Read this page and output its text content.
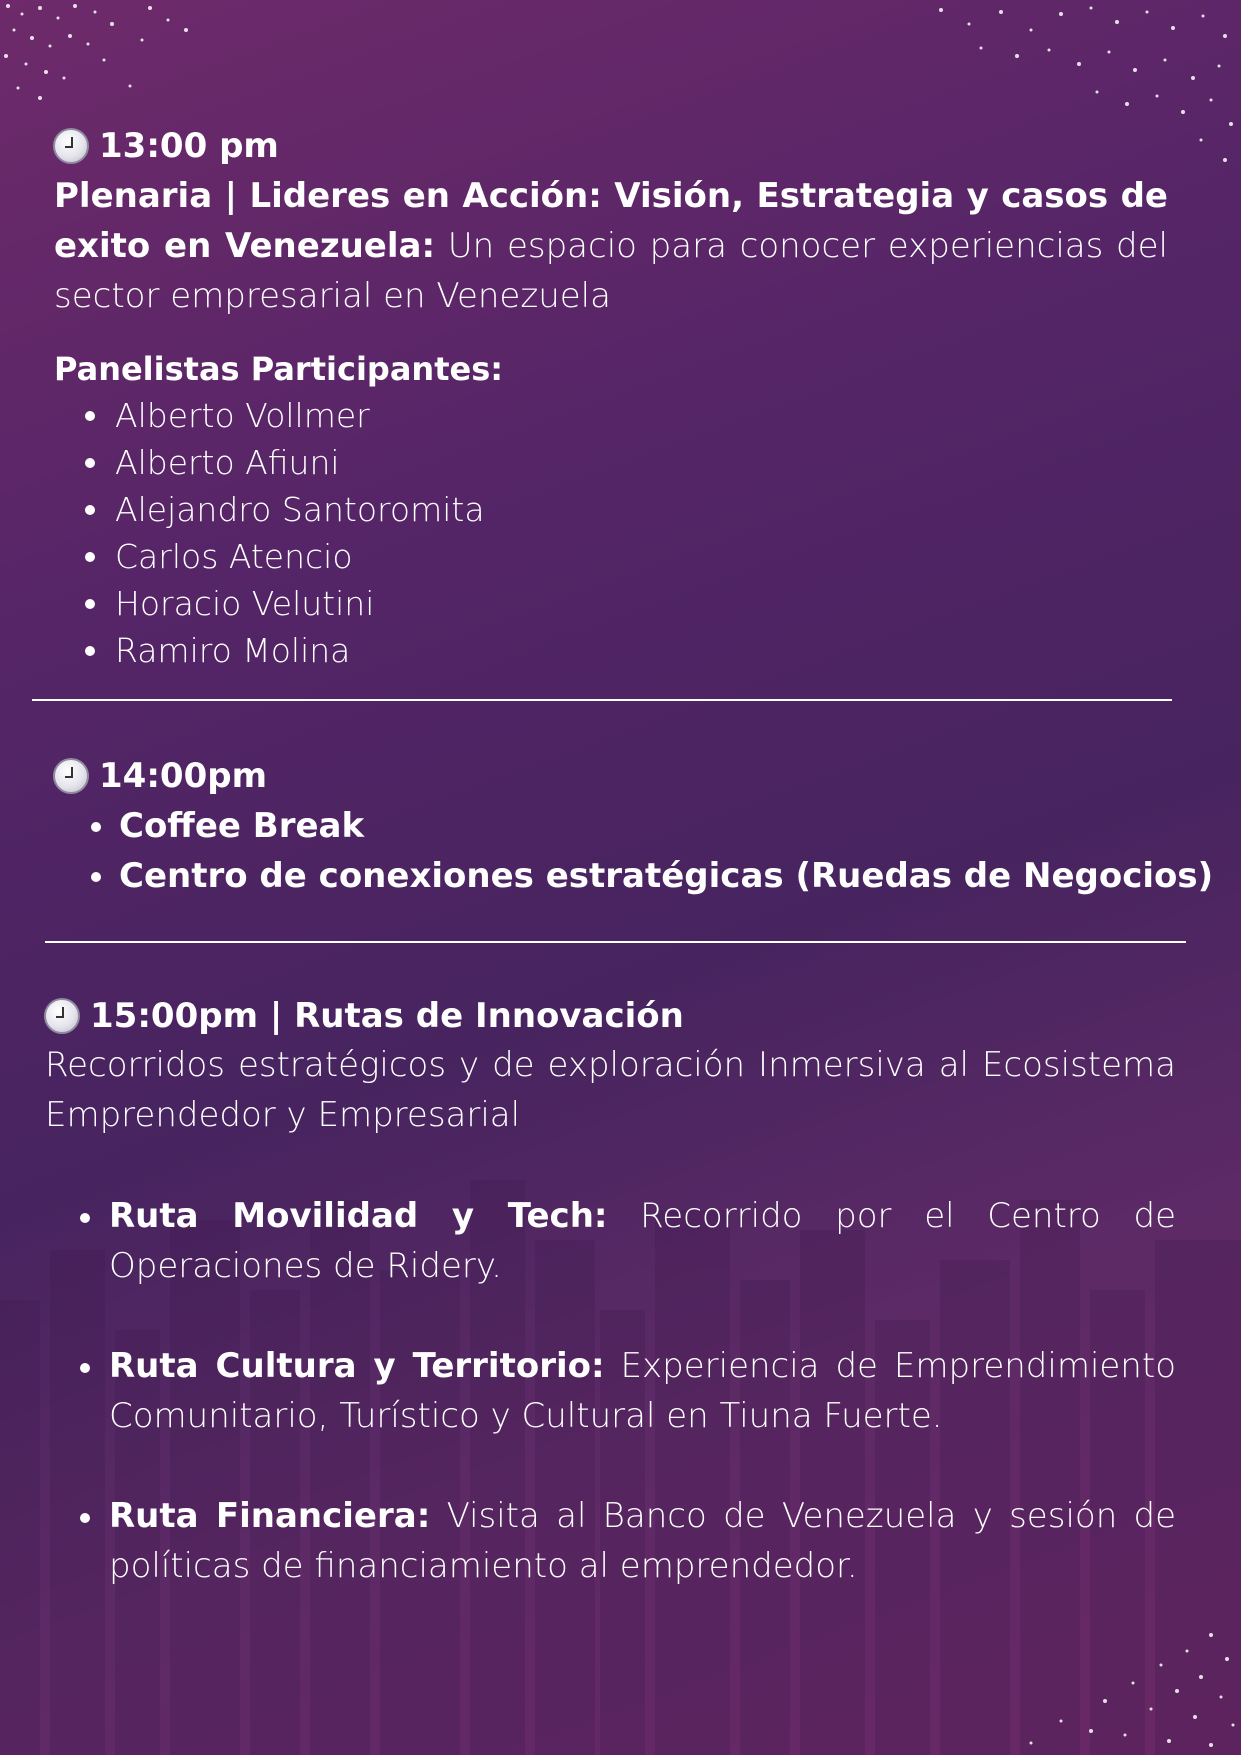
13:00 pm

Plenaria | Lideres en Acción: Visión, Estrategia y casos de exito en Venezuela: Un espacio para conocer experiencias del sector empresarial en Venezuela

Panelistas Participantes:
Alberto Vollmer
Alberto Afiuni
Alejandro Santoromita
Carlos Atencio
Horacio Velutini
Ramiro Molina
14:00pm
Coffee Break
Centro de conexiones estratégicas (Ruedas de Negocios)
15:00pm | Rutas de Innovación

Recorridos estratégicos y de exploración Inmersiva al Ecosistema Emprendedor y Empresarial

Ruta Movilidad y Tech: Recorrido por el Centro de Operaciones de Ridery.
Ruta Cultura y Territorio: Experiencia de Emprendimiento Comunitario, Turístico y Cultural en Tiuna Fuerte.
Ruta Financiera: Visita al Banco de Venezuela y sesión de políticas de financiamiento al emprendedor.
